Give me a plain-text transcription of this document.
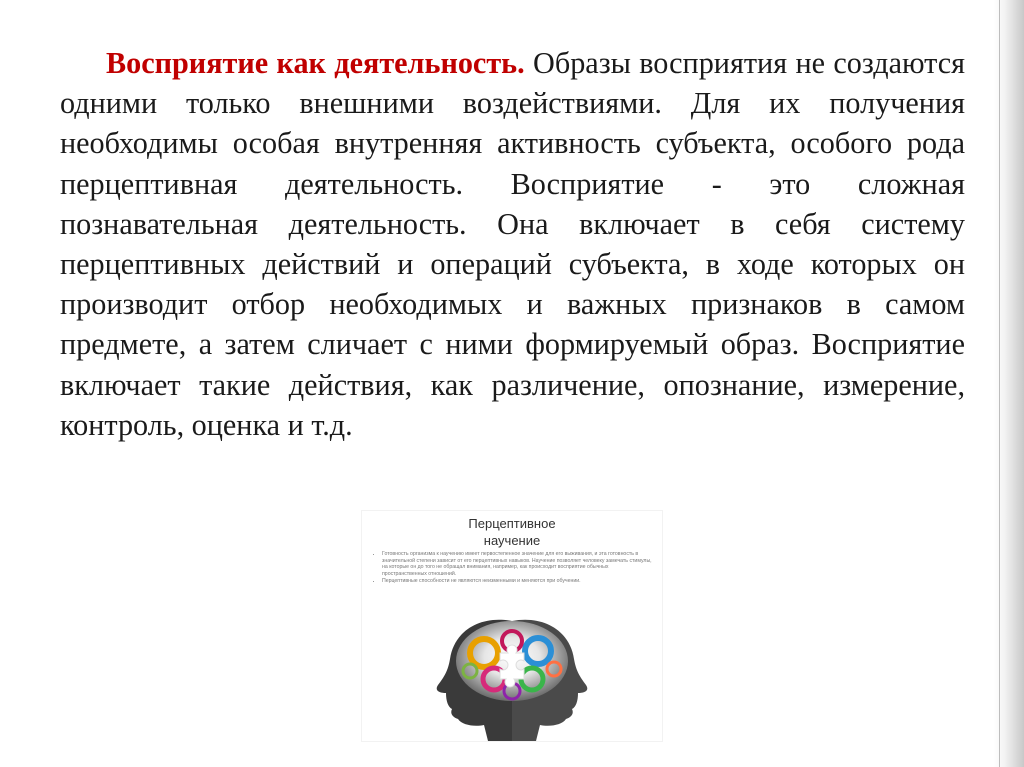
Восприятие как деятельность. Образы восприятия не создаются одними только внешними воздействиями. Для их получения необходимы особая внутренняя активность субъекта, особого рода перцептивная деятельность. Восприятие - это сложная познавательная деятельность. Она включает в себя систему перцептивных действий и операций субъекта, в ходе которых он производит отбор необходимых и важных признаков в самом предмете, а затем сличает с ними формируемый образ. Восприятие включает такие действия, как различение, опознание, измерение, контроль, оценка и т.д.

Перцептивное
научение
• Готовность организма к научению имеет первостепенное значение для его выживания, и эта готовность в значительной степени зависит от его перцептивных навыков. Научение позволяет человеку замечать стимулы, на которые он до того не обращал внимания, например, как происходит восприятие обычных пространственных отношений.
• Перцептивные способности не являются неизменными и меняются при обучении.
